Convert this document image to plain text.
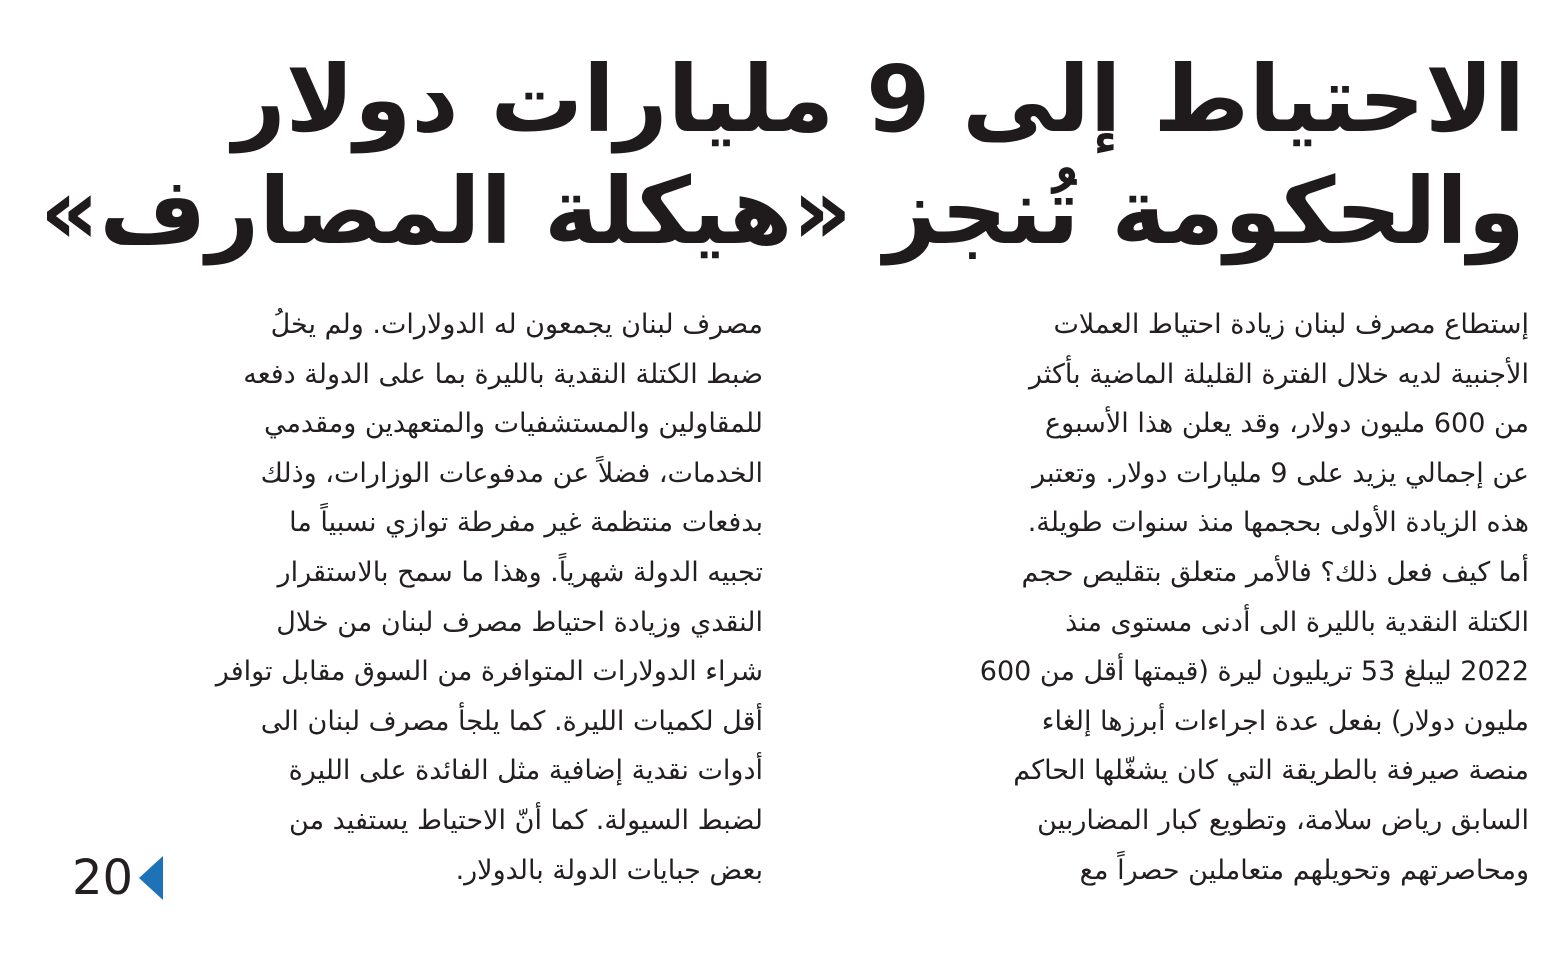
الاحتياط إلى 9 مليارات دولار
والحكومة تُنجز «هيكلة المصارف»
إستطاع مصرف لبنان زيادة احتياط العملات
الأجنبية لديه خلال الفترة القليلة الماضية بأكثر
من 600 مليون دولار، وقد يعلن هذا الأسبوع
عن إجمالي يزيد على 9 مليارات دولار. وتعتبر
هذه الزيادة الأولى بحجمها منذ سنوات طويلة.
أما كيف فعل ذلك؟ فالأمر متعلق بتقليص حجم
الكتلة النقدية بالليرة الى أدنى مستوى منذ
2022 ليبلغ 53 تريليون ليرة (قيمتها أقل من 600
مليون دولار) بفعل عدة اجراءات أبرزها إلغاء
منصة صيرفة بالطريقة التي كان يشغّلها الحاكم
السابق رياض سلامة، وتطويع كبار المضاربين
ومحاصرتهم وتحويلهم متعاملين حصراً مع
مصرف لبنان يجمعون له الدولارات. ولم يخلُ
ضبط الكتلة النقدية بالليرة بما على الدولة دفعه
للمقاولين والمستشفيات والمتعهدين ومقدمي
الخدمات، فضلاً عن مدفوعات الوزارات، وذلك
بدفعات منتظمة غير مفرطة توازي نسبياً ما
تجبيه الدولة شهرياً. وهذا ما سمح بالاستقرار
النقدي وزيادة احتياط مصرف لبنان من خلال
شراء الدولارات المتوافرة من السوق مقابل توافر
أقل لكميات الليرة. كما يلجأ مصرف لبنان الى
أدوات نقدية إضافية مثل الفائدة على الليرة
لضبط السيولة. كما أنّ الاحتياط يستفيد من
بعض جبايات الدولة بالدولار.
20
